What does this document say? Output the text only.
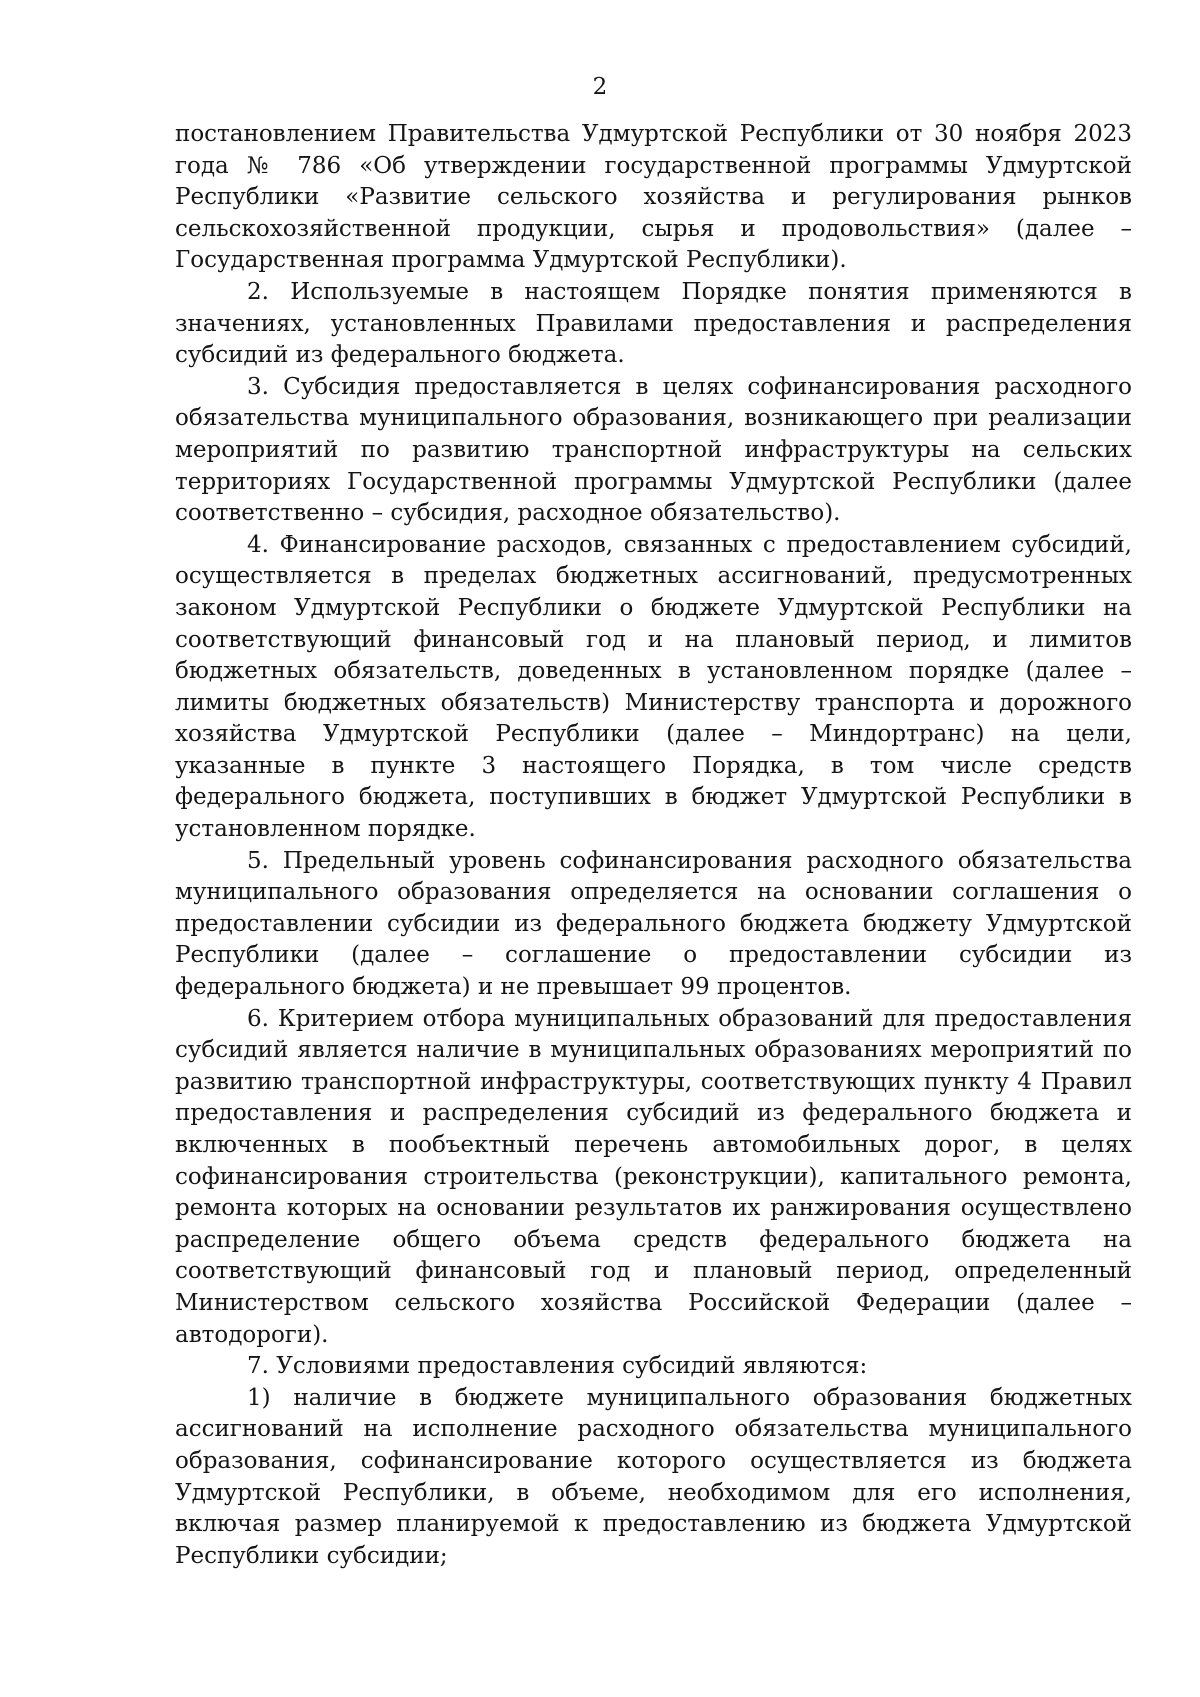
2

постановлением Правительства Удмуртской Республики от 30 ноября 2023 года № 786 «Об утверждении государственной программы Удмуртской Республики «Развитие сельского хозяйства и регулирования рынков сельскохозяйственной продукции, сырья и продовольствия» (далее – Государственная программа Удмуртской Республики).

2. Используемые в настоящем Порядке понятия применяются в значениях, установленных Правилами предоставления и распределения субсидий из федерального бюджета.

3. Субсидия предоставляется в целях софинансирования расходного обязательства муниципального образования, возникающего при реализации мероприятий по развитию транспортной инфраструктуры на сельских территориях Государственной программы Удмуртской Республики (далее соответственно – субсидия, расходное обязательство).

4. Финансирование расходов, связанных с предоставлением субсидий, осуществляется в пределах бюджетных ассигнований, предусмотренных законом Удмуртской Республики о бюджете Удмуртской Республики на соответствующий финансовый год и на плановый период, и лимитов бюджетных обязательств, доведенных в установленном порядке (далее – лимиты бюджетных обязательств) Министерству транспорта и дорожного хозяйства Удмуртской Республики (далее – Миндортранс) на цели, указанные в пункте 3 настоящего Порядка, в том числе средств федерального бюджета, поступивших в бюджет Удмуртской Республики в установленном порядке.

5. Предельный уровень софинансирования расходного обязательства муниципального образования определяется на основании соглашения о предоставлении субсидии из федерального бюджета бюджету Удмуртской Республики (далее – соглашение о предоставлении субсидии из федерального бюджета) и не превышает 99 процентов.

6. Критерием отбора муниципальных образований для предоставления субсидий является наличие в муниципальных образованиях мероприятий по развитию транспортной инфраструктуры, соответствующих пункту 4 Правил предоставления и распределения субсидий из федерального бюджета и включенных в пообъектный перечень автомобильных дорог, в целях софинансирования строительства (реконструкции), капитального ремонта, ремонта которых на основании результатов их ранжирования осуществлено распределение общего объема средств федерального бюджета на соответствующий финансовый год и плановый период, определенный Министерством сельского хозяйства Российской Федерации (далее – автодороги).

7. Условиями предоставления субсидий являются:

1) наличие в бюджете муниципального образования бюджетных ассигнований на исполнение расходного обязательства муниципального образования, софинансирование которого осуществляется из бюджета Удмуртской Республики, в объеме, необходимом для его исполнения, включая размер планируемой к предоставлению из бюджета Удмуртской Республики субсидии;
